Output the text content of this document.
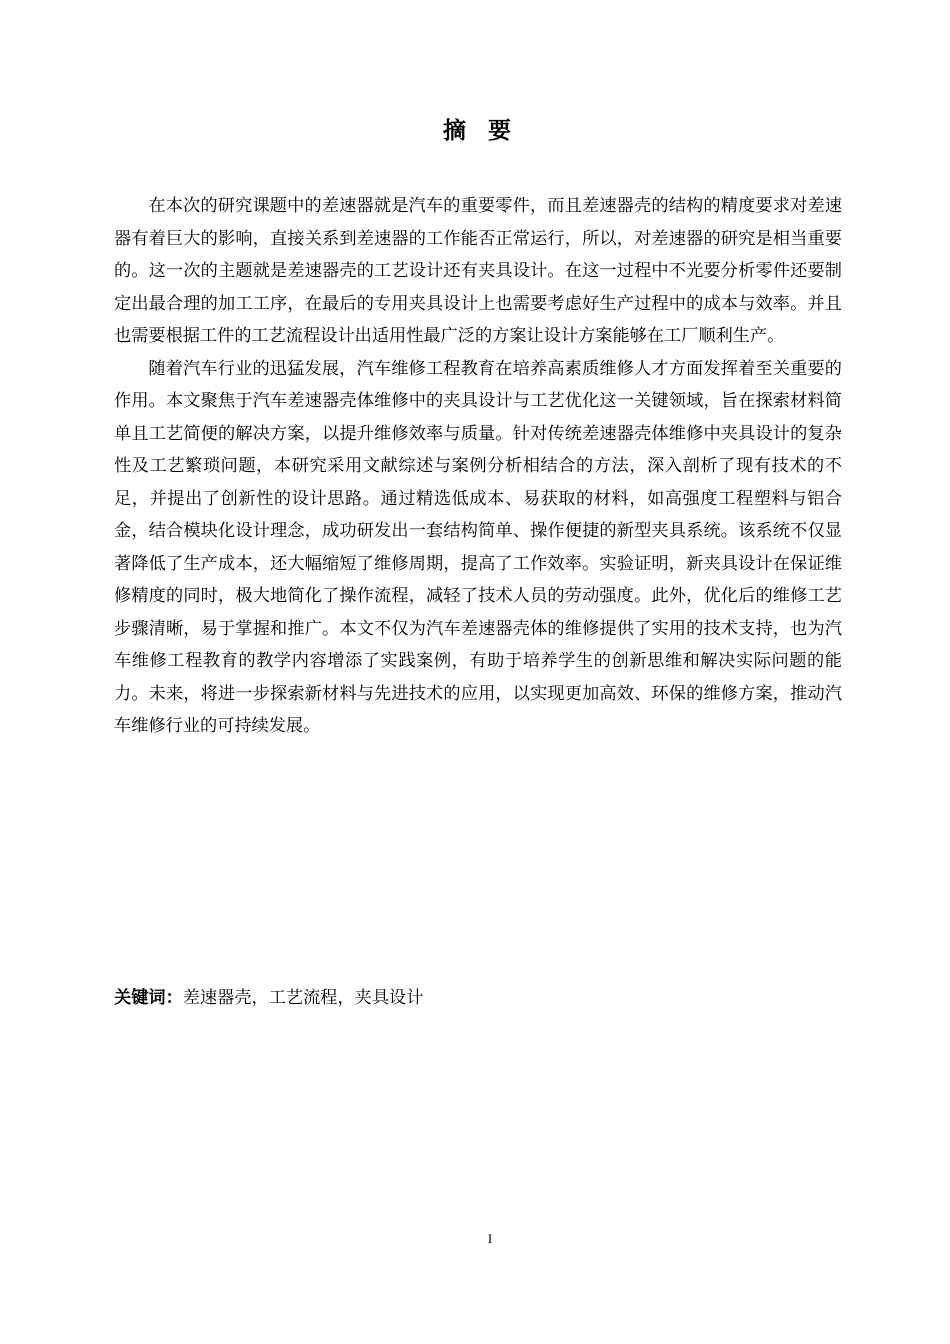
摘要

在本次的研究课题中的差速器就是汽车的重要零件，而且差速器壳的结构的精度要求对差速器有着巨大的影响，直接关系到差速器的工作能否正常运行，所以，对差速器的研究是相当重要的。这一次的主题就是差速器壳的工艺设计还有夹具设计。在这一过程中不光要分析零件还要制定出最合理的加工工序，在最后的专用夹具设计上也需要考虑好生产过程中的成本与效率。并且也需要根据工件的工艺流程设计出适用性最广泛的方案让设计方案能够在工厂顺利生产。

随着汽车行业的迅猛发展，汽车维修工程教育在培养高素质维修人才方面发挥着至关重要的作用。本文聚焦于汽车差速器壳体维修中的夹具设计与工艺优化这一关键领域，旨在探索材料简单且工艺简便的解决方案，以提升维修效率与质量。针对传统差速器壳体维修中夹具设计的复杂性及工艺繁琐问题，本研究采用文献综述与案例分析相结合的方法，深入剖析了现有技术的不足，并提出了创新性的设计思路。通过精选低成本、易获取的材料，如高强度工程塑料与铝合金，结合模块化设计理念，成功研发出一套结构简单、操作便捷的新型夹具系统。该系统不仅显著降低了生产成本，还大幅缩短了维修周期，提高了工作效率。实验证明，新夹具设计在保证维修精度的同时，极大地简化了操作流程，减轻了技术人员的劳动强度。此外，优化后的维修工艺步骤清晰，易于掌握和推广。本文不仅为汽车差速器壳体的维修提供了实用的技术支持，也为汽车维修工程教育的教学内容增添了实践案例，有助于培养学生的创新思维和解决实际问题的能力。未来，将进一步探索新材料与先进技术的应用，以实现更加高效、环保的维修方案，推动汽车维修行业的可持续发展。

关键词：差速器壳，工艺流程，夹具设计
I
